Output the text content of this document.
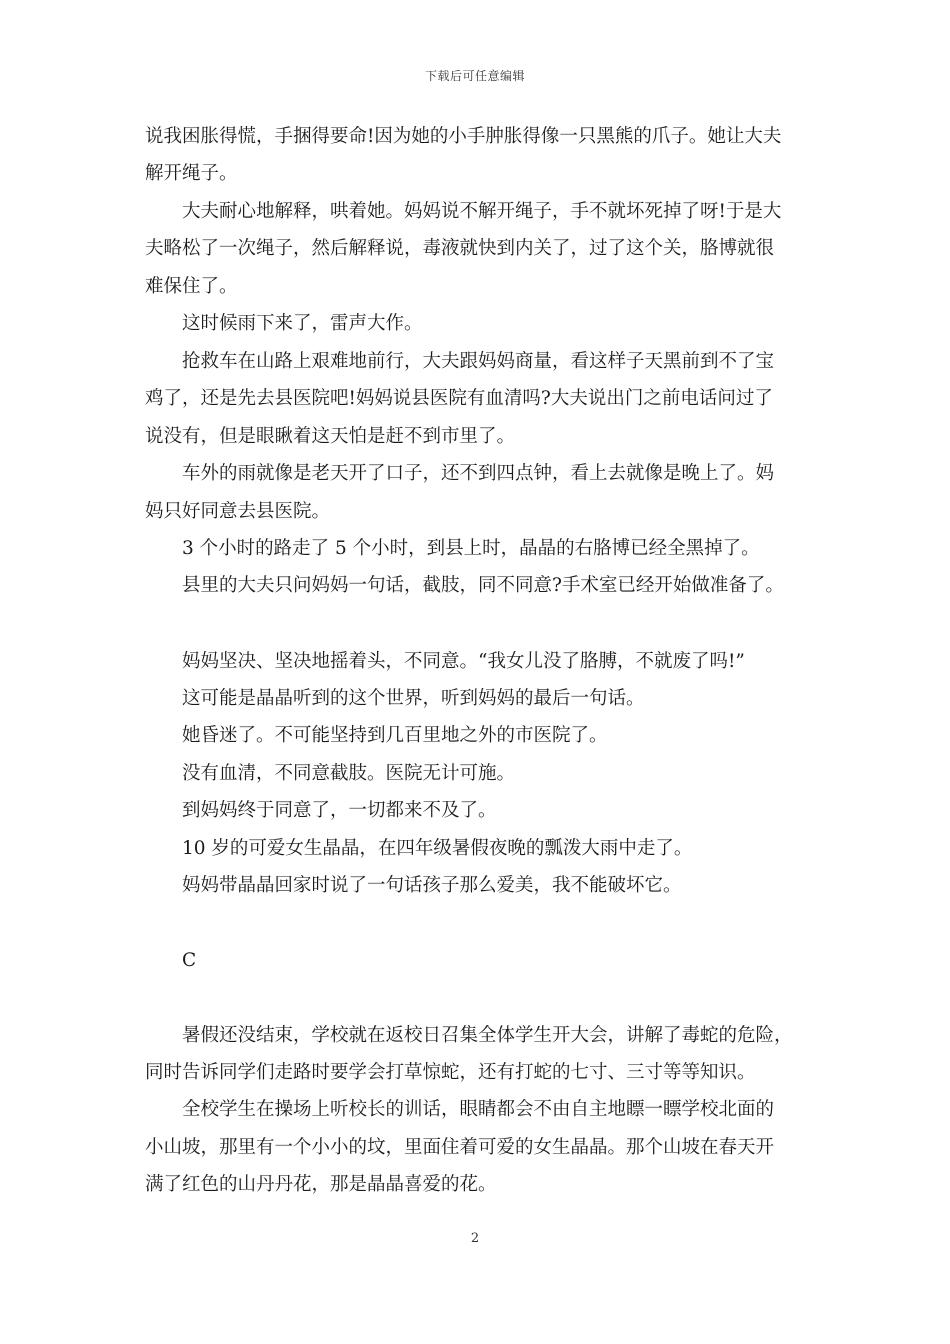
下载后可任意编辑
说我困胀得慌，手捆得要命!因为她的小手肿胀得像一只黑熊的爪子。她让大夫
解开绳子。
大夫耐心地解释，哄着她。妈妈说不解开绳子，手不就坏死掉了呀!于是大
夫略松了一次绳子，然后解释说，毒液就快到内关了，过了这个关，胳博就很
难保住了。
这时候雨下来了，雷声大作。
抢救车在山路上艰难地前行，大夫跟妈妈商量，看这样子天黑前到不了宝
鸡了，还是先去县医院吧!妈妈说县医院有血清吗?大夫说出门之前电话问过了
说没有，但是眼瞅着这天怕是赶不到市里了。
车外的雨就像是老天开了口子，还不到四点钟，看上去就像是晚上了。妈
妈只好同意去县医院。
3 个小时的路走了 5 个小时，到县上时，晶晶的右胳博已经全黑掉了。
县里的大夫只问妈妈一句话，截肢，同不同意?手术室已经开始做准备了。
妈妈坚决、坚决地摇着头，不同意。“我女儿没了胳膊，不就废了吗!”
这可能是晶晶听到的这个世界，听到妈妈的最后一句话。
她昏迷了。不可能坚持到几百里地之外的市医院了。
没有血清，不同意截肢。医院无计可施。
到妈妈终于同意了，一切都来不及了。
10 岁的可爱女生晶晶，在四年级暑假夜晚的瓢泼大雨中走了。
妈妈带晶晶回家时说了一句话孩子那么爱美，我不能破坏它。
C
暑假还没结束，学校就在返校日召集全体学生开大会，讲解了毒蛇的危险，
同时告诉同学们走路时要学会打草惊蛇，还有打蛇的七寸、三寸等等知识。
全校学生在操场上听校长的训话，眼睛都会不由自主地瞟一瞟学校北面的
小山坡，那里有一个小小的坟，里面住着可爱的女生晶晶。那个山坡在春天开
满了红色的山丹丹花，那是晶晶喜爱的花。
2
